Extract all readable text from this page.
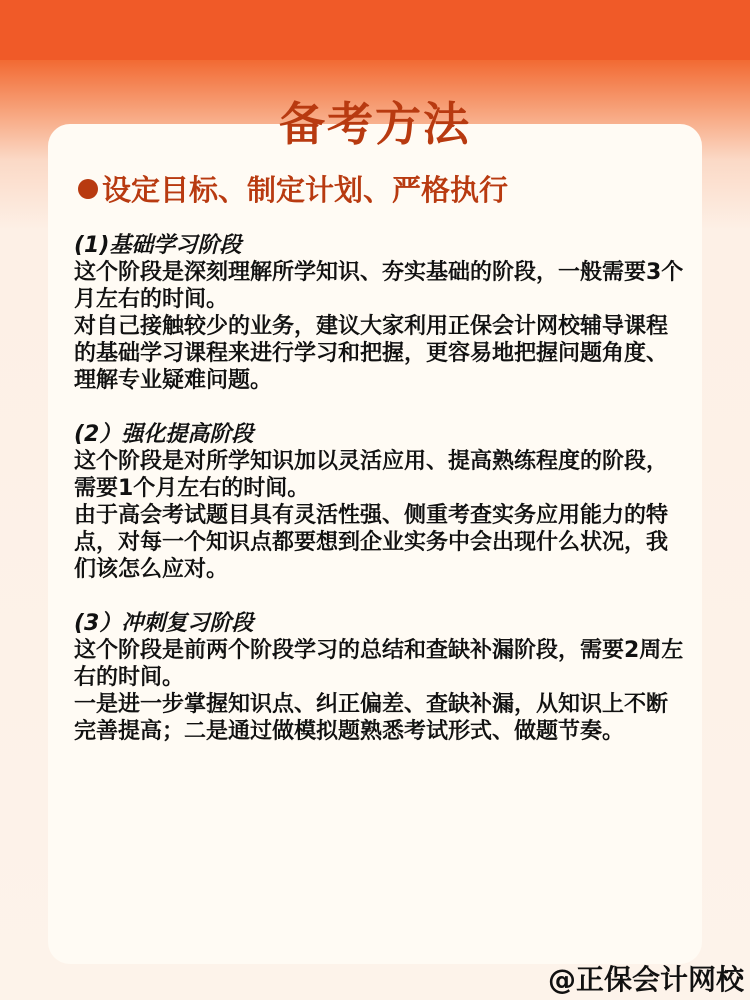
备考方法
设定目标、制定计划、严格执行
(1)基础学习阶段

这个阶段是深刻理解所学知识、夯实基础的阶段，一般需要3个月左右的时间。

对自己接触较少的业务，建议大家利用正保会计网校辅导课程的基础学习课程来进行学习和把握，更容易地把握问题角度、理解专业疑难问题。

(2）强化提高阶段

这个阶段是对所学知识加以灵活应用、提高熟练程度的阶段，需要1个月左右的时间。

由于高会考试题目具有灵活性强、侧重考查实务应用能力的特点，对每一个知识点都要想到企业实务中会出现什么状况，我们该怎么应对。

(3）冲刺复习阶段

这个阶段是前两个阶段学习的总结和查缺补漏阶段，需要2周左右的时间。

一是进一步掌握知识点、纠正偏差、查缺补漏，从知识上不断完善提高；二是通过做模拟题熟悉考试形式、做题节奏。

@正保会计网校
